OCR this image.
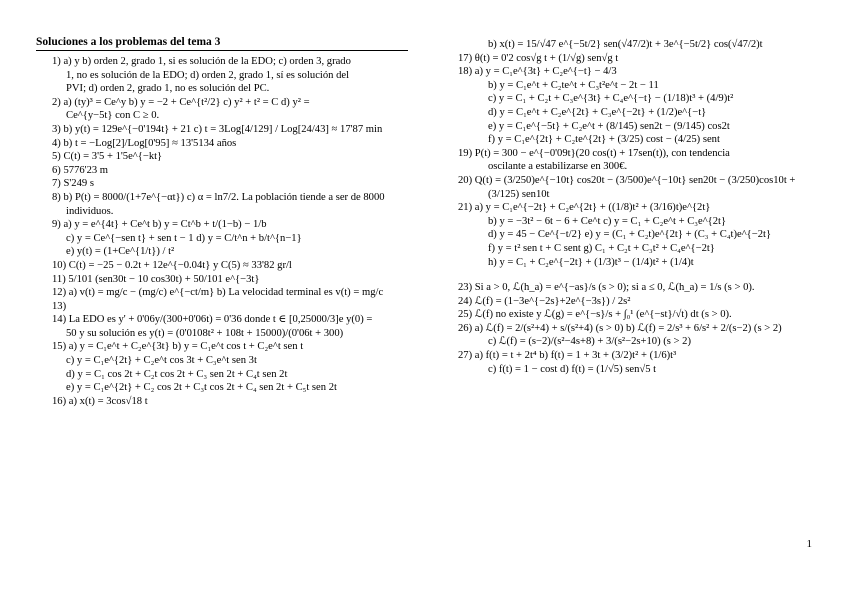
Soluciones a los problemas del tema 3
1) a) y b) orden 2, grado 1, si es solución de la EDO; c) orden 3, grado
1, no es solución de la EDO; d) orden 2, grado 1, sí es solución del
PVI; d) orden 2, grado 1, no es solución del PC.
2) a) (ty)³ = Ce^y b) y = −2 + Ce^{t²/2} c) y² + t² = C d) y² =
Ce^{y−5t} con C ≥ 0.
3) b) y(t) = 129e^{−0'194t} + 21 c) t = 3Log[4/129] / Log[24/43] ≈ 17'87 min
4) b) t = −Log[2]/Log[0'95] ≈ 13'5134 años
5) C(t) = 3'5 + 1'5e^{−kt}
6) 5776'23 m
7) S'249 s
8) b) P(t) = 8000/(1+7e^{−αt}) c) α = ln7/2. La población tiende a ser de 8000
individuos.
9) a) y = e^{4t} + Ce^t b) y = Ct^b + t/(1−b) − 1/b
c) y = Ce^{−sen t} + sen t − 1 d) y = C/t^n + b/t^{n−1}
e) y(t) = (1+Ce^{1/t}) / t²
10) C(t) = −25 − 0.2t + 12e^{−0.04t} y C(5) ≈ 33'82 gr/l
11) 5/101 (sen30t − 10 cos30t) + 50/101 e^{−3t}
12) a) v(t) = mg/c − (mg/c) e^{−ct/m} b) La velocidad terminal es v(t) = mg/c
13)
14) La EDO es y' + 0'06y/(300+0'06t) = 0'36 donde t ∈ [0,25000/3]e y(0) =
50 y su solución es y(t) = (0'0108t² + 108t + 15000)/(0'06t + 300)
15) a) y = C₁e^t + C₂e^{3t} b) y = C₁e^t cos t + C₂e^t sen t
c) y = C₁e^{2t} + C₂e^t cos 3t + C₃e^t sen 3t
d) y = C₁ cos 2t + C₂t cos 2t + C₃ sen 2t + C₄t sen 2t
e) y = C₁e^{2t} + C₂ cos 2t + C₃t cos 2t + C₄ sen 2t + C₅t sen 2t
16) a) x(t) = 3cos√18 t
b) x(t) = 15/√47 e^{−5t/2} sen(√47/2)t + 3e^{−5t/2} cos(√47/2)t
17) θ(t) = 0'2 cos√g t + (1/√g) sen√g t
18) a) y = C₁e^{3t} + C₂e^{−t} − 4/3
b) y = C₁e^t + C₂te^t + C₃t²e^t − 2t − 11
c) y = C₁ + C₂t + C₃e^{3t} + C₄e^{−t} − (1/18)t³ + (4/9)t²
d) y = C₁e^t + C₂e^{2t} + C₃e^{−2t} + (1/2)e^{−t}
e) y = C₁e^{−5t} + C₂e^t + (8/145) sen2t − (9/145) cos2t
f) y = C₁e^{2t} + C₂te^{2t} + (3/25) cost − (4/25) sent
19) P(t) = 300 − e^{−0'09t}(20 cos(t) + 17sen(t)), con tendencia
oscilante a estabilizarse en 300€.
20) Q(t) = (3/250)e^{−10t} cos20t − (3/500)e^{−10t} sen20t − (3/250)cos10t +
(3/125) sen10t
21) a) y = C₁e^{−2t} + C₂e^{2t} + ((1/8)t² + (3/16)t)e^{2t}
b) y = −3t² − 6t − 6 + Ce^t c) y = C₁ + C₂e^t + C₃e^{2t}
d) y = 45 − Ce^{−t/2} e) y = (C₁ + C₂t)e^{2t} + (C₃ + C₄t)e^{−2t}
f) y = t² sen t + C sent g) C₁ + C₂t + C₃t² + C₄e^{−2t}
h) y = C₁ + C₂e^{−2t} + (1/3)t³ − (1/4)t² + (1/4)t
23) Si a > 0, ℒ(h_a) = e^{−as}/s (s > 0); si a ≤ 0, ℒ(h_a) = 1/s (s > 0).
24) ℒ(f) = (1−3e^{−2s}+2e^{−3s}) / 2s²
25) ℒ(f) no existe y ℒ(g) = e^{−s}/s + ∫₀¹ (e^{−st}/√t) dt (s > 0).
26) a) ℒ(f) = 2/(s²+4) + s/(s²+4) (s > 0) b) ℒ(f) = 2/s³ + 6/s² + 2/(s−2) (s > 2)
c) ℒ(f) = (s−2)/(s²−4s+8) + 3/(s²−2s+10) (s > 2)
27) a) f(t) = t + 2t⁴ b) f(t) = 1 + 3t + (3/2)t² + (1/6)t³
c) f(t) = 1 − cost d) f(t) = (1/√5) sen√5 t
1
